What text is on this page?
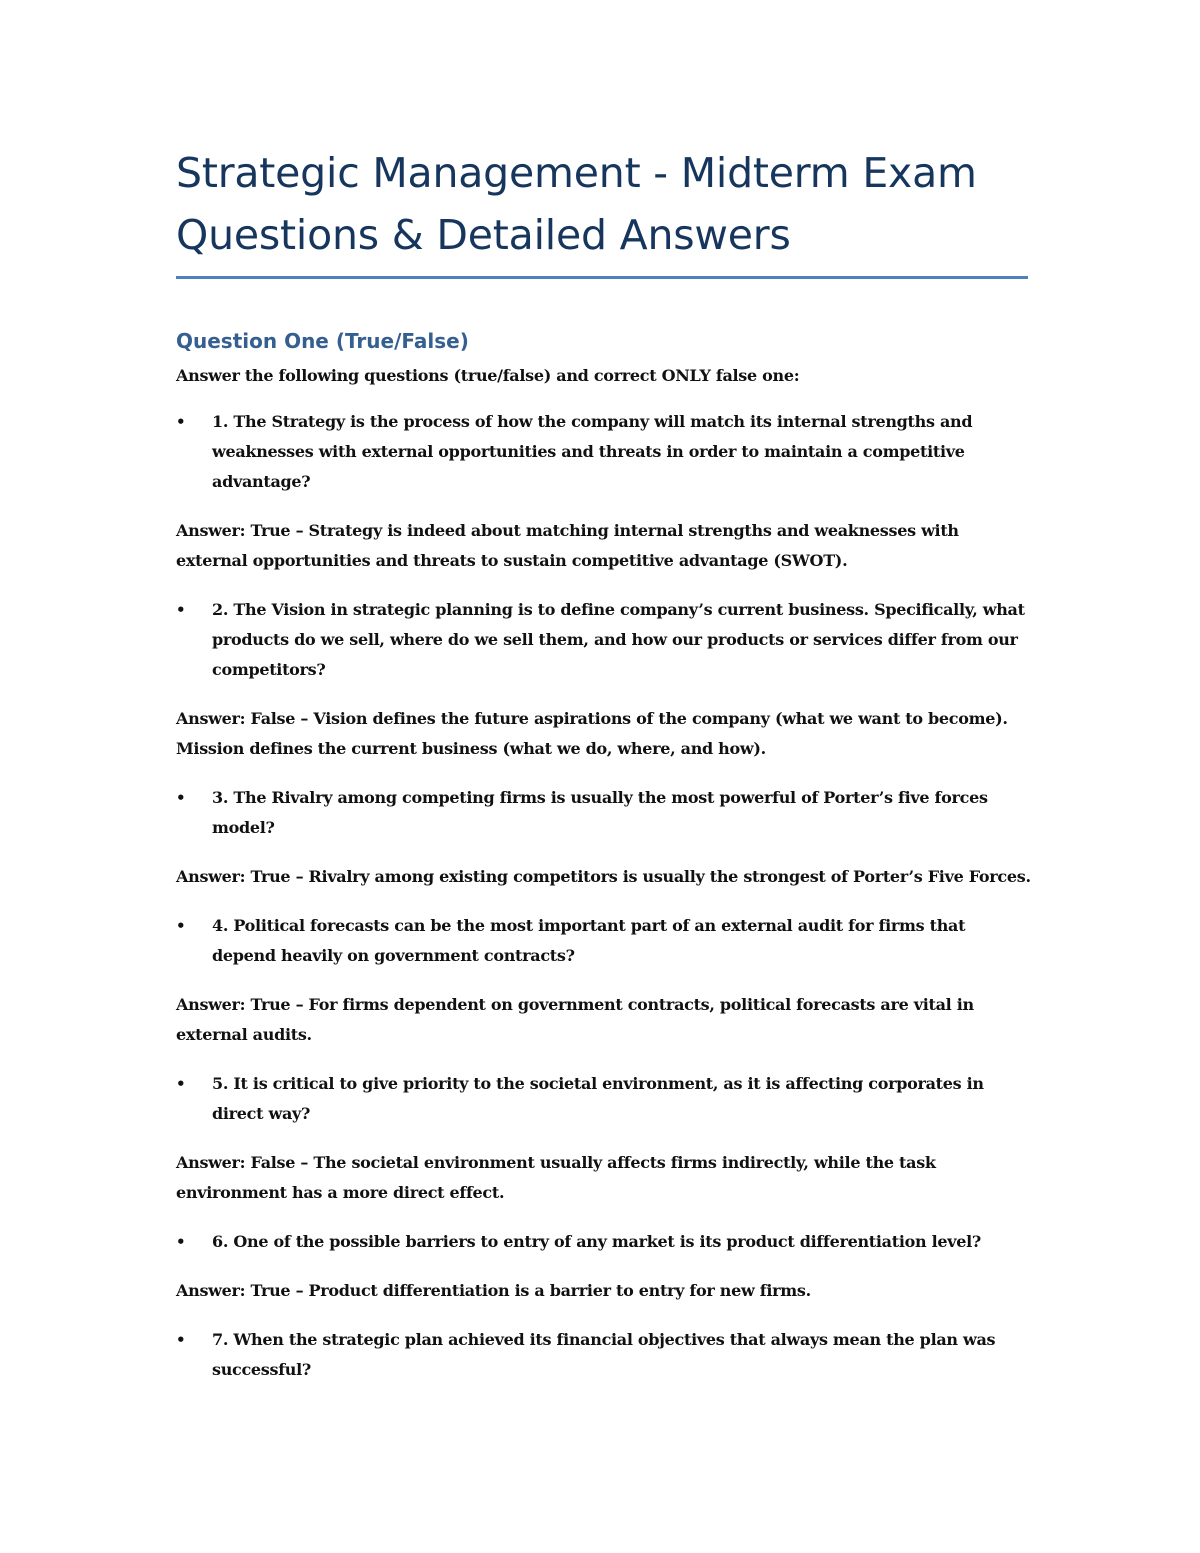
Strategic Management - Midterm Exam
Questions & Detailed Answers
Question One (True/False)

Answer the following questions (true/false) and correct ONLY false one:

•	1. The Strategy is the process of how the company will match its internal strengths and weaknesses with external opportunities and threats in order to maintain a competitive advantage?

Answer: True – Strategy is indeed about matching internal strengths and weaknesses with external opportunities and threats to sustain competitive advantage (SWOT).

•	2. The Vision in strategic planning is to define company’s current business. Specifically, what products do we sell, where do we sell them, and how our products or services differ from our competitors?

Answer: False – Vision defines the future aspirations of the company (what we want to become). Mission defines the current business (what we do, where, and how).

•	3. The Rivalry among competing firms is usually the most powerful of Porter’s five forces model?

Answer: True – Rivalry among existing competitors is usually the strongest of Porter’s Five Forces.

•	4. Political forecasts can be the most important part of an external audit for firms that depend heavily on government contracts?

Answer: True – For firms dependent on government contracts, political forecasts are vital in external audits.

•	5. It is critical to give priority to the societal environment, as it is affecting corporates in direct way?

Answer: False – The societal environment usually affects firms indirectly, while the task environment has a more direct effect.

•	6. One of the possible barriers to entry of any market is its product differentiation level?

Answer: True – Product differentiation is a barrier to entry for new firms.

•	7. When the strategic plan achieved its financial objectives that always mean the plan was successful?
